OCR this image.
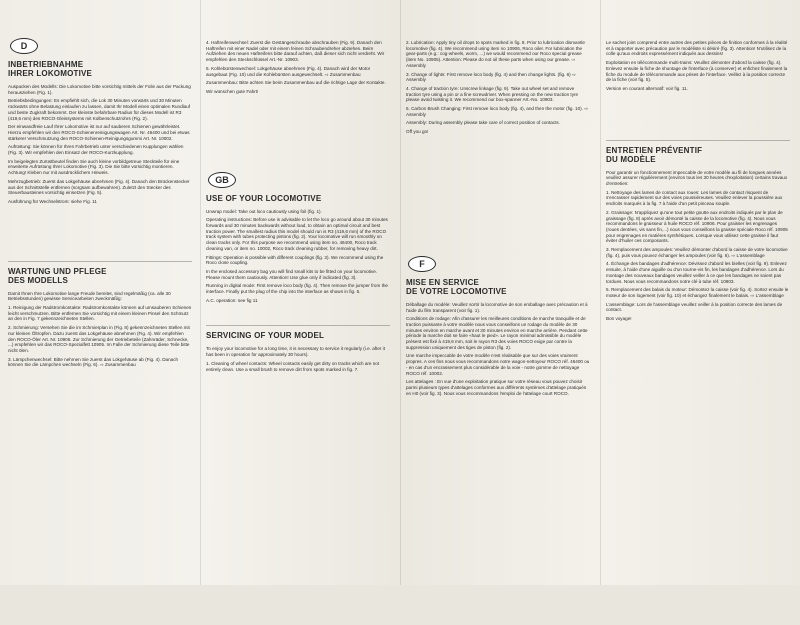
D
INBETRIEBNAHME
IHRER LOKOMOTIVE

Auspacken des Modells: Die Lokomotive bitte vorsichtig mittels der Folie aus der Packung herausziehen (Fig. 1).

Betriebsbedingungen: Es empfiehlt sich, die Lok 30 Minuten vorwärts und 30 Minuten rückwärts ohne Belastung einlaufen zu lassen, damit Ihr Modell einen optimalen Rundlauf und beste Zugkraft bekommt. Der kleinste befahrbare Radius für dieses Modell ist R3 (419,6 mm) des ROCO-Gleissystems mit Kolbenschutzrohrs (Fig. 2).

Der einwandfreie Lauf Ihrer Lokomotive ist nur auf sauberen Schienen gewährleistet. Hierzu empfehlen wir den ROCO-Schienenreinigungswagen Art. Nr. 46400 und bei etwas stärkerer Verschmutzung den ROCO-Schienen-Reinigungsgummi Art. Nr. 10002.

Aufrüstung: Sie können für Ihren Fahrbetrieb unter verschiedenen Kupplungen wählen (Fig. 3). Wir empfehlen den Einsatz der ROCO-Kurzkupplung.

Im beigelegten Zurüstbeutel finden Sie auch kleine vorbildgetreue Steckteile für eine erweiterte Aufrüstung Ihrer Lokomotive (Fig. 3). Die Sie bitte vorsichtig montieren. Achtung! Kleben nur mit ausdrücklichem Hinweis.

Mehrzugbetrieb: Zuerst das Lokgehäuse abnehmen (Fig. 4). Danach den Brückenstecker aus der Schnittstelle entfernen (sorgsam aufbewahren). Zuletzt den Stecker des Steuerbausteines vorsichtig einsetzen (Fig. 5).

Ausführung für Wechselstrom: siehe Fig. 11

WARTUNG UND PFLEGE
DES MODELLS

Damit Ihnen Ihre Lokomotive lange Freude bereitet, sind regelmäßig (ca. alle 30 Betriebsstunden) gewisse Servicearbeiten zweckmäßig:

1. Reinigung der Radstromkontakte: Radstromkontakte können auf umsauberen Schienen leicht verschmutzen. Bitte entfernen Sie vorsichtig mit einem kleinen Pinsel den Schmutz an den in Fig. 7 gekennzeichneten Stellen.

2. Schmierung: Versehen Sie die im Schmierplan in (Fig. 8) gekennzeichneten Stellen mit nur kleinen Öltropfen. Dazu zuerst das Lokgehäuse abnehmen (Fig. 4). Wir empfehlen den ROCO-Öler Art. Nr. 10906. Zur Schmierung der Getriebeteile (Zahnräder, Schnecke, ...) empfehlen wir das ROCO-Spezialfett 10905. Im Falle der Schmierung diese Teile bitte nicht ölen.

3. Lämpchenwechsel: Bitte nehmen Sie zuerst das Lokgehäuse ab (Fig. 4). Danach können Sie die Lämpchen wechseln (Fig. 6). ⇨ Zusammenbau

4. Haftreifenwechsel: Zuerst die Gestängeschraube abschrauben (Fig. 9). Danach den Haftreifen mit einer Nadel oder mit einem feinen Schraubendreher abziehen. Beim Aufziehen des neuen Haftreifens bitte darauf achten, daß dieser sich nicht verdreht. Wir empfehlen den Steckschlüssel Art.-Nr. 10903.

5. Kohlebürstenwechsel: Lokgehäuse abnehmen (Fig. 4). Danach wird der Motor ausgebaut (Fig. 10) und die Kohlebürsten ausgewechselt. ⇨ Zusammenbau

Zusammenbau: Bitte achten Sie beim Zusammenbau auf die richtige Lage der Kontakte.

Wir wünschen gute Fahrt!

GB
USE OF YOUR LOCOMOTIVE

Unwrap model: Take out loco cautiously using foil (fig. 1).

Operating instructions: Before use is advisable to let the loco go around about 30 minutes forwards and 30 minutes backwards without load, to obtain an optimal circuit and best traction power. The smallest radius this model should run is R3 (419,6 mm) of the ROCO track system with tubes protecting pistons (fig. 2). Your locomotive will run smoothly on clean tracks only. For this purpose we recommend using item no. 46400, Roco track cleaning van, or item no. 10002, Roco track cleaning rubber, for removing heavy dirt.

Fittings: Operation is possible with different couplings (fig. 3). We recommend using the Roco close coupling.

In the enclosed accessory bag you will find small kits to be fitted on your locomotive. Please mount them cautiously. Attention! Use glue only if indicated (fig. 3).

Running in digital mode: First remove loco body (fig. 4). Then remove the jumper from the interface. Finally put the plug of the chip into the interface as shown in fig. 5.

A.C. operation: see fig 11

SERVICING OF YOUR MODEL

To enjoy your locomotive for a long time, it is necessary to service it regularly (i.e. after it has been in operation for approximately 30 hours).

1. Cleaning of wheel contacts: Wheel contacts easily get dirty on tracks which are not entirely clean. Use a small brush to remove dirt from spots marked in fig. 7.

2. Lubrication: Apply tiny oil drops to spots marked in fig. 8. Prior to lubrication dismantle locomotive (fig. 4). We recommend using item no 10906, Roco oiler. For lubrication the gear-parts (e.g.: cog-wheels, worm, ...) we would recommend our Roco special grease (item No. 10905). Attention: Please do not oil these parts when using our grease. ⇨ Assembly

3. Change of lights: First remove loco body (fig. 4) and then change lights. (fig. 6) ⇨ Assembly

4. Change of traction tyre: Unscrew linkage (fig. 9). Take out wheel set and remove traction tyre using a pin or a fine screwdriver. When pressing on the new traction tyre please avoid twisting it. We recommend our box-spanner Art.-No. 10903.

5. Carbon Brush Changing: First remove loco body (fig. 4), and then the motor (fig. 10). ⇨ Assembly

Assembly: During assembly please take care of correct position of contacts.

Off you go!

F
MISE EN SERVICE
DE VOTRE LOCOMOTIVE

Déballage du modèle: Veuillez sortir la locomotive de son emballage avec précaution et à l'aide du film transparent (voir fig. 1).

Conditions de rodage: Afin d'assurer les meilleures conditions de marche tranquille et de traction puissante à votre modèle nous vous conseillons un rodage du modèle de 30 minutes environ en marche avant et 30 minutes environ en marche arrière. Pendant cette période la marche doit se faire «haut le pied». Le rayon minimal admissible du modèle présent est fixé à 419,6 mm, soit le rayon R3 des voies ROCO exige par contre la suppression uniquement des tiges de piston (fig. 2).

Une marche impeccable de votre modèle n'est réalisable que sur des voies vraiment propres. A ces fins nous vous recommandons notre wagon-nettoyeur ROCO réf. 46400 ou - en cas d'un encrassement plus considérable de la voie - notre gomme de nettoyage ROCO réf. 10002.

Les attelages : En vue d'une exploitation pratique sur votre réseau vous pouvez choisir parmi plusieurs types d'attelages conformes aux différents systèmes d'attelage pratiqués en H0 (voir fig. 3). Nous vous recommandons l'emploi de l'attelage court ROCO.

Le sachet joint comprend entre autres des petites pièces de finition conformes à la réalité et à rapporter avec précaution par le modéliste si désiré (fig. 3). Attention! N'utilisez de la colle qu'aux endroits expressément indiqués aux dessins!

Exploitation en télécommande multi-trains: Veuillez démonter d'abord la caisse (fig. 4). Enlevez ensuite la fiche de shuntage de l'interface (à conserver) et enfichez finalement la fiche du module de télécommande aux prises de l'interface. Veillez à la position correcte de la fiche (voir fig. 5).

Version en courant alternatif: voir fig. 11.

ENTRETIEN PRÉVENTIF
DU MODÈLE

Pour garantir un fonctionnement impeccable de votre modèle au fil de longues années veuillez assurer régulièrement (environ tous les 30 heures d'exploitation) certains travaux d'entretien:

1. Nettoyage des lames de contact aux roues: Les lames de contact risquent de s'encrasser rapidement sur des voies poussiéreuses. Veuillez enlever la poussière aux endroits marqués à la fig. 7 à l'aide d'un petit pinceau souple.

2. Graissage: N'appliquez qu'une tout petite goutte aux endroits indiqués par le plan de graissage (fig. 8) après avoir démonté la caisse de la locomotive (fig. 4). Nous vous recommandons le graisseur à huile ROCO réf. 10906. Pour graisser les engrenages (roues dentées, vis sans fin,...) nous vous conseillons la graisse spéciale Roco réf. 10905 pour engrenages en matières synthétiques. Lorsque vous utilisez cette graisse il faut éviter d'huiler ces composants.

3. Remplacement des ampoules: Veuillez démonter d'abord la caisse de votre locomotive (fig. 4), puis vous pouvez échanger les ampoules (voir fig. 6). ⇨ L'assemblage

4. Échange des bandages d'adhérence: Dévissez d'abord les bielles (voir fig. 9). Enlevez ensuite, à l'aide d'une aiguille ou d'un tourne-vis fin, les bandages d'adhérence. Lors du montage des nouveaux bandages veuillez veiller à ce que les bandages ne soient pas tordues. Nous vous recommandons notre clé à tube réf. 10903.

5. Remplacement des balais du moteur: Démontez la caisse (voir fig. 4). Sortez ensuite le moteur de son logement (voir fig. 10) et échangez finalement le balais. ⇨ L'assemblage

L'assemblage: Lors de l'assemblage veuillez veiller à la position correcte des lames de contact.

Bon voyage!
